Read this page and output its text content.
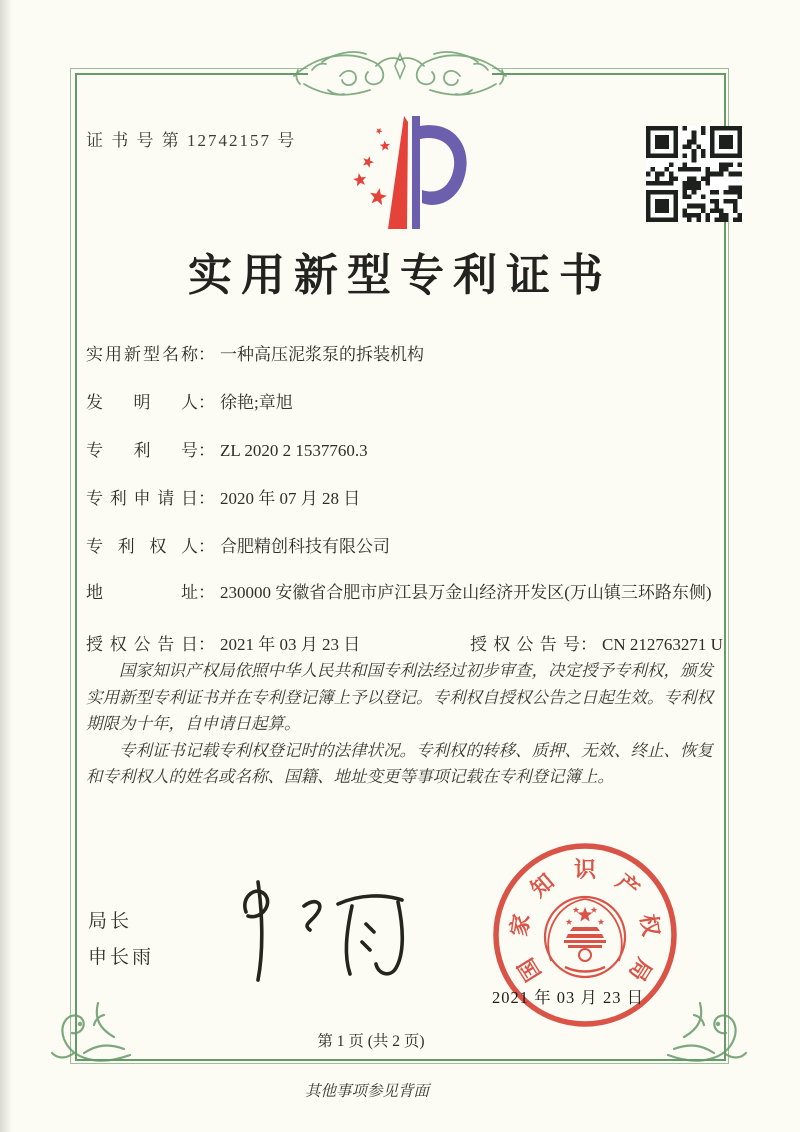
证 书 号 第 12742157 号
实用新型专利证书
实用新型名称 ： 一种高压泥浆泵的拆装机构
发明人 ： 徐艳;章旭
专利号 ： ZL 2020 2 1537760.3
专利申请日 ： 2020 年 07 月 28 日
专利权人 ： 合肥精创科技有限公司
地址 ： 230000 安徽省合肥市庐江县万金山经济开发区(万山镇三环路东侧)
授权公告日 ： 2021 年 03 月 23 日	授权公告号 ： CN 212763271 U

国家知识产权局依照中华人民共和国专利法经过初步审查，决定授予专利权，颁发实用新型专利证书并在专利登记簿上予以登记。专利权自授权公告之日起生效。专利权期限为十年，自申请日起算。

专利证书记载专利权登记时的法律状况。专利权的转移、质押、无效、终止、恢复和专利权人的姓名或名称、国籍、地址变更等事项记载在专利登记簿上。

局长
申长雨	国
家
知 识 产
权
局
2021 年 03 月 23 日
第 1 页 (共 2 页)
其他事项参见背面
